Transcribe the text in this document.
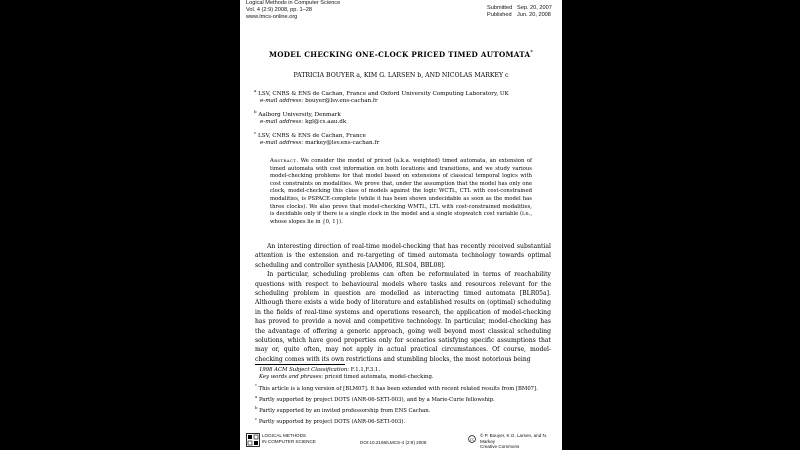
Logical Methods in Computer Science
Vol. 4 (2:9) 2008, pp. 1–28
www.lmcs-online.org
Submitted Sep. 20, 2007
Published Jun. 20, 2008
MODEL CHECKING ONE-CLOCK PRICED TIMED AUTOMATA*
PATRICIA BOUYER a, KIM G. LARSEN b, AND NICOLAS MARKEY c
$^a$ LSV, CNRS & ENS de Cachan, France and Oxford University Computing Laboratory, UK
e-mail address: bouyer@lsv.ens-cachan.fr
$^b$ Aalborg University, Denmark
e-mail address: kgl@cs.aau.dk
$^c$ LSV, CNRS & ENS de Cachan, France
e-mail address: markey@lsv.ens-cachan.fr
Abstract. We consider the model of priced (a.k.a. weighted) timed automata, an extension of timed automata with cost information on both locations and transitions, and we study various model-checking problems for that model based on extensions of classical temporal logics with cost constraints on modalities. We prove that, under the assumption that the model has only one clock, model-checking this class of models against the logic WCTL, CTL with cost-constrained modalities, is PSPACE-complete (while it has been shown undecidable as soon as the model has three clocks). We also prove that model-checking WMTL, LTL with cost-constrained modalities, is decidable only if there is a single clock in the model and a single stopwatch cost variable (i.e., whose slopes lie in {0, 1}).

An interesting direction of real-time model-checking that has recently received substantial attention is the extension and re-targeting of timed automata technology towards optimal scheduling and controller synthesis [AAM06, RLS04, BBL08].

In particular, scheduling problems can often be reformulated in terms of reachability questions with respect to behavioural models where tasks and resources relevant for the scheduling problem in question are modelled as interacting timed automata [BLR05a]. Although there exists a wide body of literature and established results on (optimal) scheduling in the fields of real-time systems and operations research, the application of model-checking has proved to provide a novel and competitive technology. In particular, model-checking has the advantage of offering a generic approach, going well beyond most classical scheduling solutions, which have good properties only for scenarios satisfying specific assumptions that may or, quite often, may not apply in actual practical circumstances. Of course, model-checking comes with its own restrictions and stumbling blocks, the most notorious being

1998 ACM Subject Classification: F.1.1,F.3.1.
Key words and phrases: priced timed automata, model-checking.
* This article is a long version of [BLM07]. It has been extended with recent related results from [BM07].
$^a$ Partly supported by project DOTS (ANR-06-SETI-003), and by a Marie-Curie fellowship.
$^b$ Partly supported by an invited professorship from ENS Cachan.
$^c$ Partly supported by project DOTS (ANR-06-SETI-003).
LOGICAL METHODS
IN COMPUTER SCIENCE	DOI:10.2168/LMCS-4 (2:9) 2008
© P. Bouyer, K.G. Larsen, and N. Markey
Creative Commons
cc
